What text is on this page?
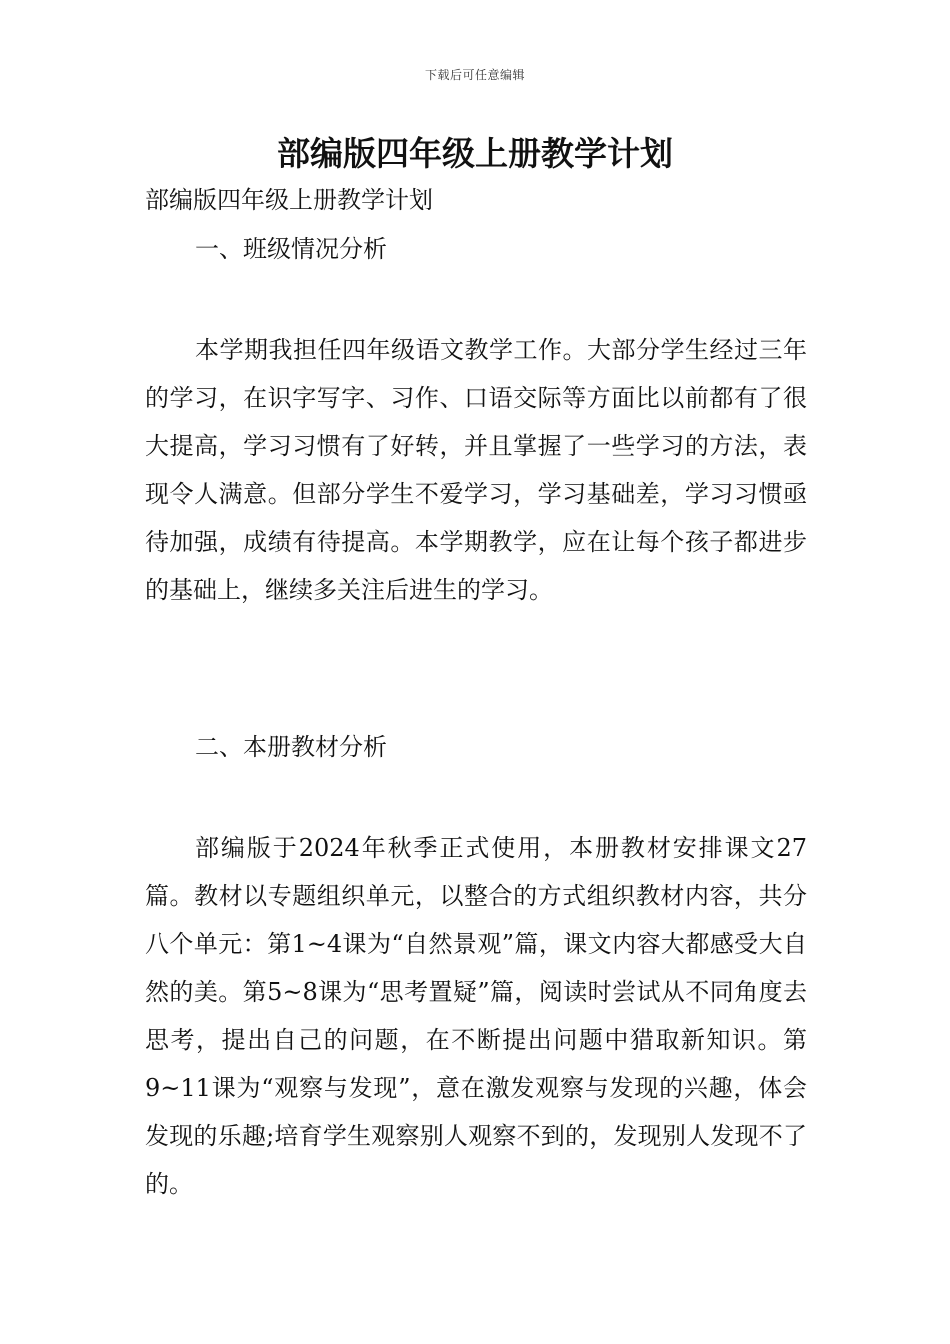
下载后可任意编辑
部编版四年级上册教学计划
部编版四年级上册教学计划
一、班级情况分析
本学期我担任四年级语文教学工作。大部分学生经过三年的学习，在识字写字、习作、口语交际等方面比以前都有了很大提高，学习习惯有了好转，并且掌握了一些学习的方法，表现令人满意。但部分学生不爱学习，学习基础差，学习习惯亟待加强，成绩有待提高。本学期教学，应在让每个孩子都进步的基础上，继续多关注后进生的学习。
二、本册教材分析
部编版于2024年秋季正式使用，本册教材安排课文27篇。教材以专题组织单元，以整合的方式组织教材内容，共分八个单元：第1~4课为“自然景观”篇，课文内容大都感受大自然的美。第5~8课为“思考置疑”篇，阅读时尝试从不同角度去思考，提出自己的问题，在不断提出问题中猎取新知识。第9~11课为“观察与发现”，意在激发观察与发现的兴趣，体会发现的乐趣;培育学生观察别人观察不到的，发现别人发现不了的。
